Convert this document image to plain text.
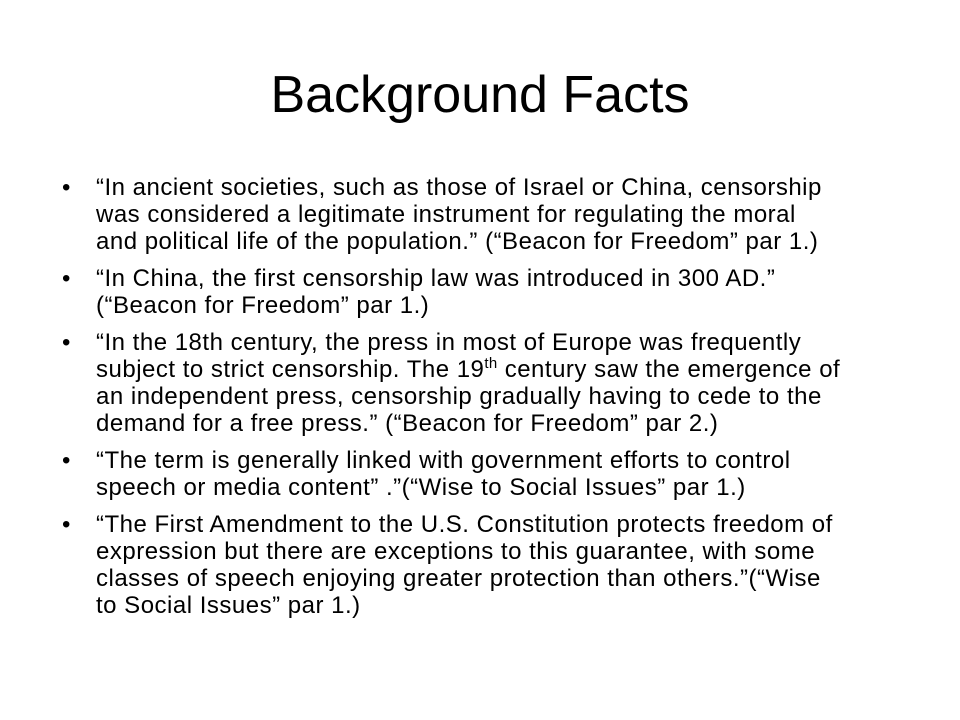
Background Facts
• “In ancient societies, such as those of Israel or China, censorship
was considered a legitimate instrument for regulating the moral
and political life of the population.” (“Beacon for Freedom” par 1.)
• “In China, the first censorship law was introduced in 300 AD.”
(“Beacon for Freedom” par 1.)
• “In the 18th century, the press in most of Europe was frequently
subject to strict censorship. The 19th century saw the emergence of
an independent press, censorship gradually having to cede to the
demand for a free press.” (“Beacon for Freedom” par 2.)
• “The term is generally linked with government efforts to control
speech or media content” .”(“Wise to Social Issues” par 1.)
• “The First Amendment to the U.S. Constitution protects freedom of
expression but there are exceptions to this guarantee, with some
classes of speech enjoying greater protection than others.”(“Wise
to Social Issues” par 1.)
